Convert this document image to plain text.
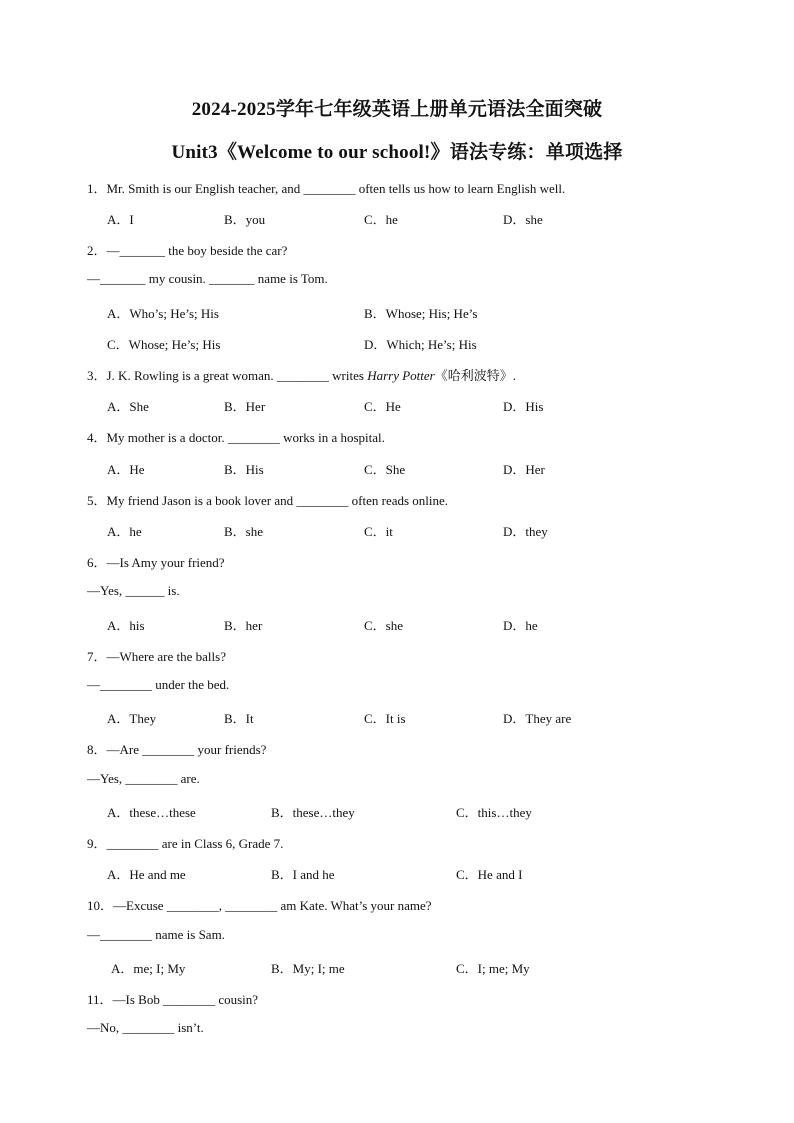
2024-2025学年七年级英语上册单元语法全面突破
Unit3《Welcome to our school!》语法专练：单项选择
1．Mr. Smith is our English teacher, and ________ often tells us how to learn English well.
A．I	B．you	C．he	D．she
2．—_______ the boy beside the car?
—_______ my cousin. _______ name is Tom.
A．Who’s; He’s; His	B．Whose; His; He’s
C．Whose; He’s; His	D．Which; He’s; His
3．J. K. Rowling is a great woman. ________ writes Harry Potter《哈利波特》.
A．She	B．Her	C．He	D．His
4．My mother is a doctor. ________ works in a hospital.
A．He	B．His	C．She	D．Her
5．My friend Jason is a book lover and ________ often reads online.
A．he	B．she	C．it	D．they
6．—Is Amy your friend?
—Yes, ______ is.
A．his	B．her	C．she	D．he
7．—Where are the balls?
—________ under the bed.
A．They	B．It	C．It is	D．They are
8．—Are ________ your friends?
—Yes, ________ are.
A．these…these	B．these…they	C．this…they
9．________ are in Class 6, Grade 7.
A．He and me	B．I and he	C．He and I
10．—Excuse ________, ________ am Kate. What’s your name?
—________ name is Sam.
A．me; I; My	B．My; I; me	C．I; me; My
11．—Is Bob ________ cousin?
—No, ________ isn’t.
